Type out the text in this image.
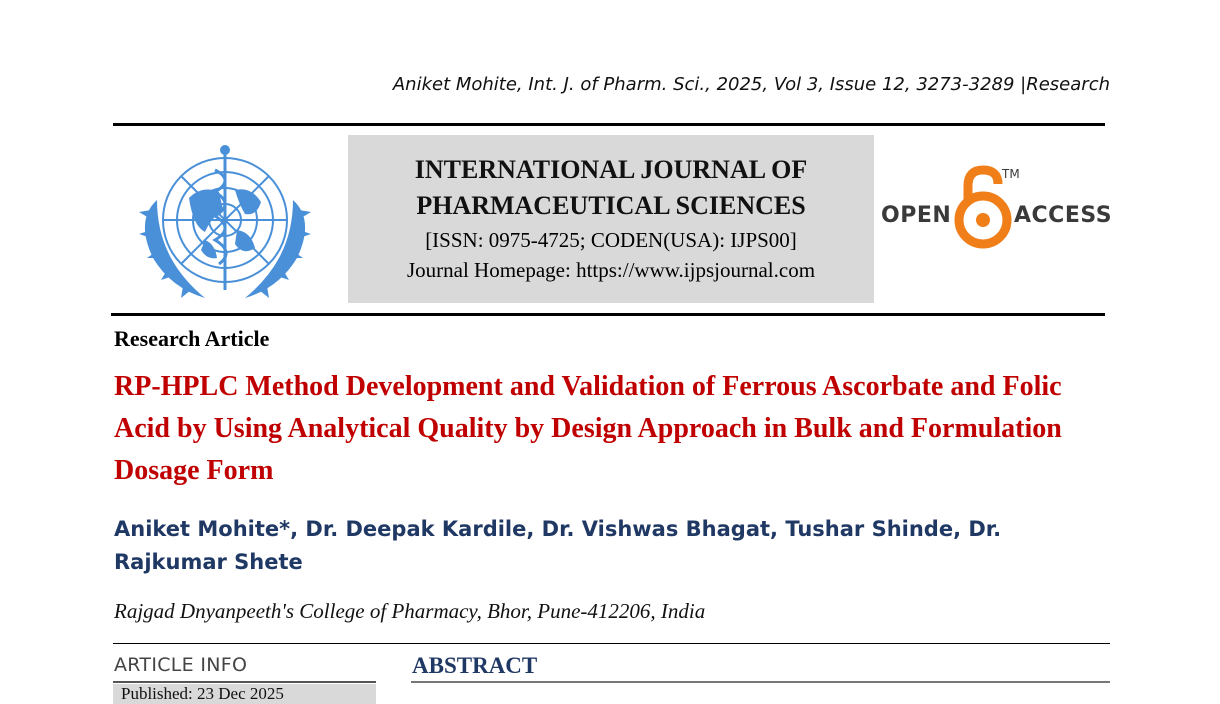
Aniket Mohite, Int. J. of Pharm. Sci., 2025, Vol 3, Issue 12, 3273-3289 |Research
INTERNATIONAL JOURNAL OF
PHARMACEUTICAL SCIENCES
[ISSN: 0975-4725; CODEN(USA): IJPS00]
Journal Homepage: https://www.ijpsjournal.com
OPEN	ACCESS
TM
Research Article
RP-HPLC Method Development and Validation of Ferrous Ascorbate and Folic Acid by Using Analytical Quality by Design Approach in Bulk and Formulation Dosage Form
Aniket Mohite*, Dr. Deepak Kardile, Dr. Vishwas Bhagat, Tushar Shinde, Dr. Rajkumar Shete
Rajgad Dnyanpeeth's College of Pharmacy, Bhor, Pune-412206, India
ARTICLE INFO
Published: 23 Dec 2025
ABSTRACT
